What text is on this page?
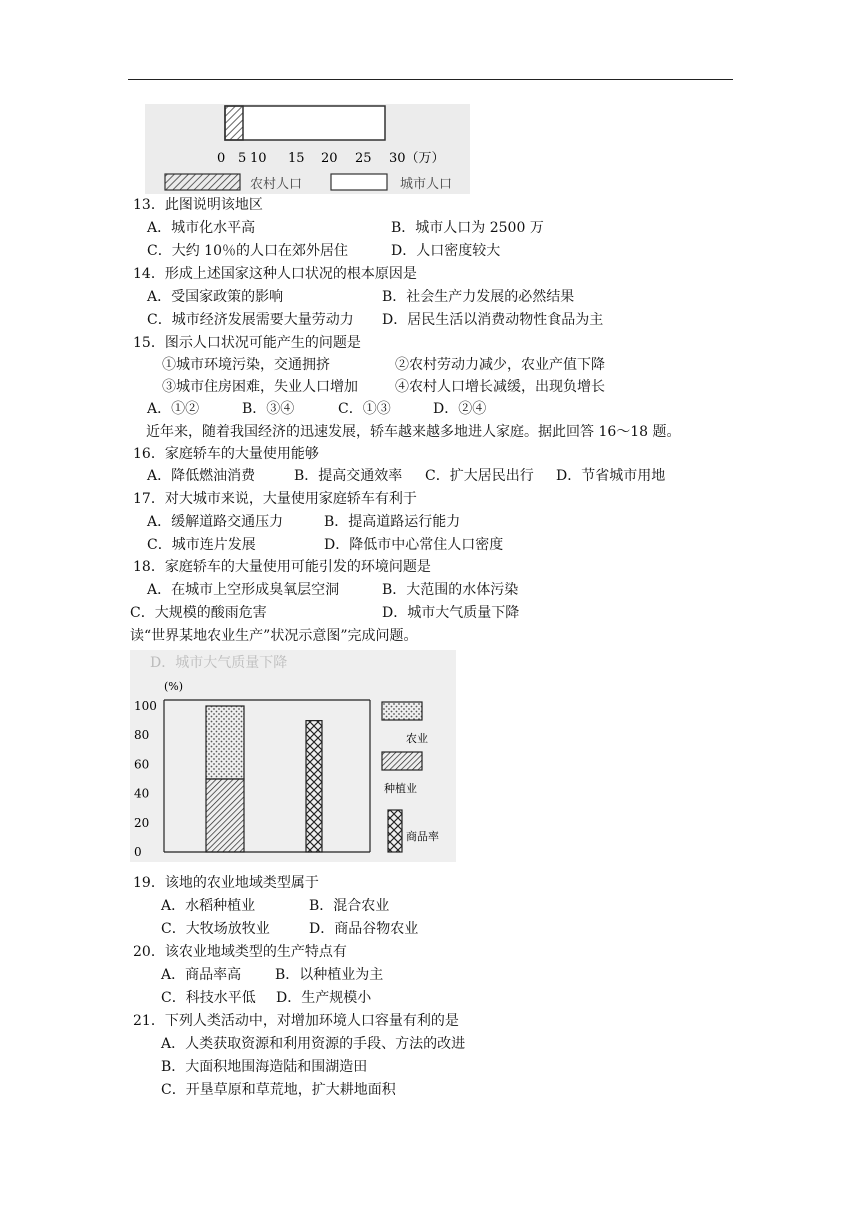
0 5 10 15 20 25 30（万）
农村人口	城市人口
13．此图说明该地区
A．城市化水平高	B．城市人口为 2500 万
C．大约 10％的人口在郊外居住	D．人口密度较大
14．形成上述国家这种人口状况的根本原因是
A．受国家政策的影响	B．社会生产力发展的必然结果
C．城市经济发展需要大量劳动力 D．居民生活以消费动物性食品为主
15．图示人口状况可能产生的问题是
①城市环境污染，交通拥挤	②农村劳动力减少，农业产值下降
③城市住房困难，失业人口增加	④农村人口增长减缓，出现负增长
A．①②	B．③④	C．①③	D．②④
近年来，随着我国经济的迅速发展，轿车越来越多地进人家庭。据此回答 16～18 题。
16．家庭轿车的大量使用能够
A．降低燃油消费	B．提高交通效率 C．扩大居民出行 D．节省城市用地
17．对大城市来说，大量使用家庭轿车有利于
A．缓解道路交通压力	B．提高道路运行能力
C．城市连片发展	D．降低市中心常住人口密度
18．家庭轿车的大量使用可能引发的环境问题是
A．在城市上空形成臭氧层空洞	B．大范围的水体污染
C．大规模的酸雨危害	D．城市大气质量下降
读“世界某地农业生产”状况示意图”完成问题。
D．城市大气质量下降
(%)
100
80
60
40
20
0
农业
种植业
商品率
19．该地的农业地域类型属于
A．水稻种植业	B．混合农业
C．大牧场放牧业	D．商品谷物农业
20．该农业地域类型的生产特点有
A．商品率高 B．以种植业为主
C．科技水平低 D．生产规模小
21．下列人类活动中，对增加环境人口容量有利的是
A．人类获取资源和利用资源的手段、方法的改进
B．大面积地围海造陆和围湖造田
C．开垦草原和草荒地，扩大耕地面积
